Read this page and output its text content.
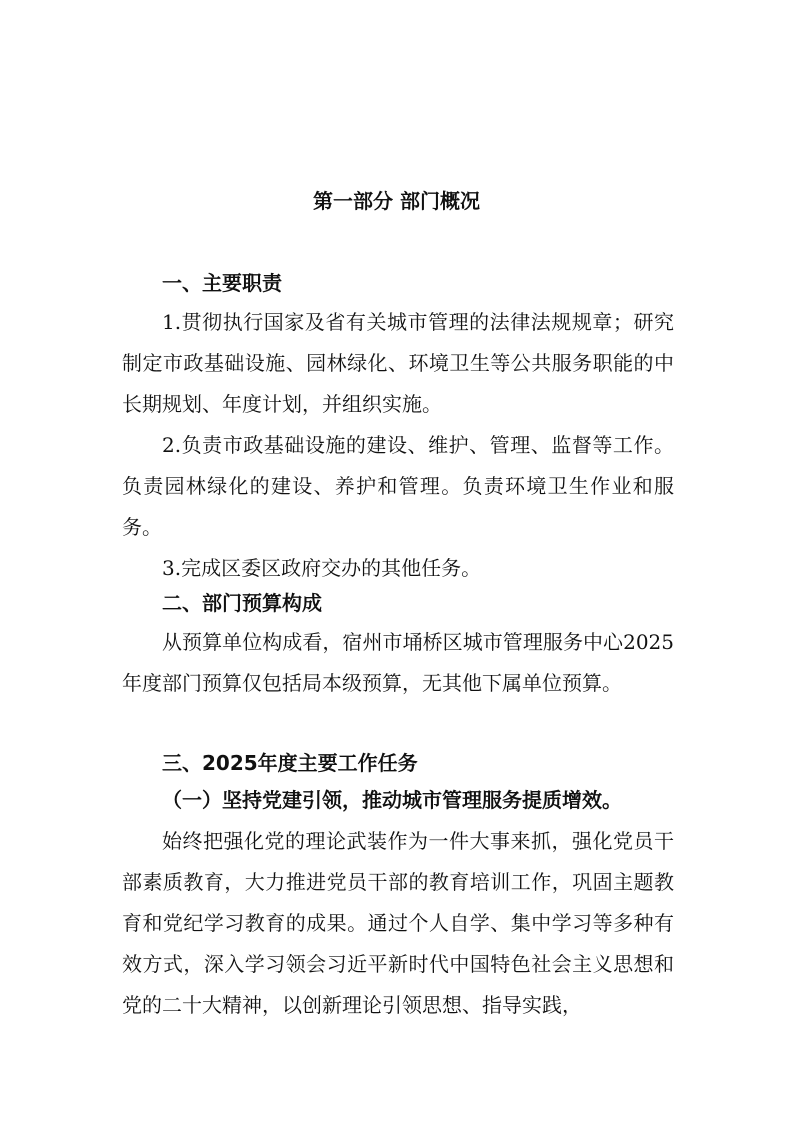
第一部分 部门概况
一、主要职责

1.贯彻执行国家及省有关城市管理的法律法规规章；研究制定市政基础设施、园林绿化、环境卫生等公共服务职能的中长期规划、年度计划，并组织实施。

2.负责市政基础设施的建设、维护、管理、监督等工作。负责园林绿化的建设、养护和管理。负责环境卫生作业和服务。

3.完成区委区政府交办的其他任务。

二、部门预算构成

从预算单位构成看，宿州市埇桥区城市管理服务中心2025年度部门预算仅包括局本级预算，无其他下属单位预算。

三、2025年度主要工作任务

（一）坚持党建引领，推动城市管理服务提质增效。

始终把强化党的理论武装作为一件大事来抓，强化党员干部素质教育，大力推进党员干部的教育培训工作，巩固主题教育和党纪学习教育的成果。通过个人自学、集中学习等多种有效方式，深入学习领会习近平新时代中国特色社会主义思想和党的二十大精神，以创新理论引领思想、指导实践，
